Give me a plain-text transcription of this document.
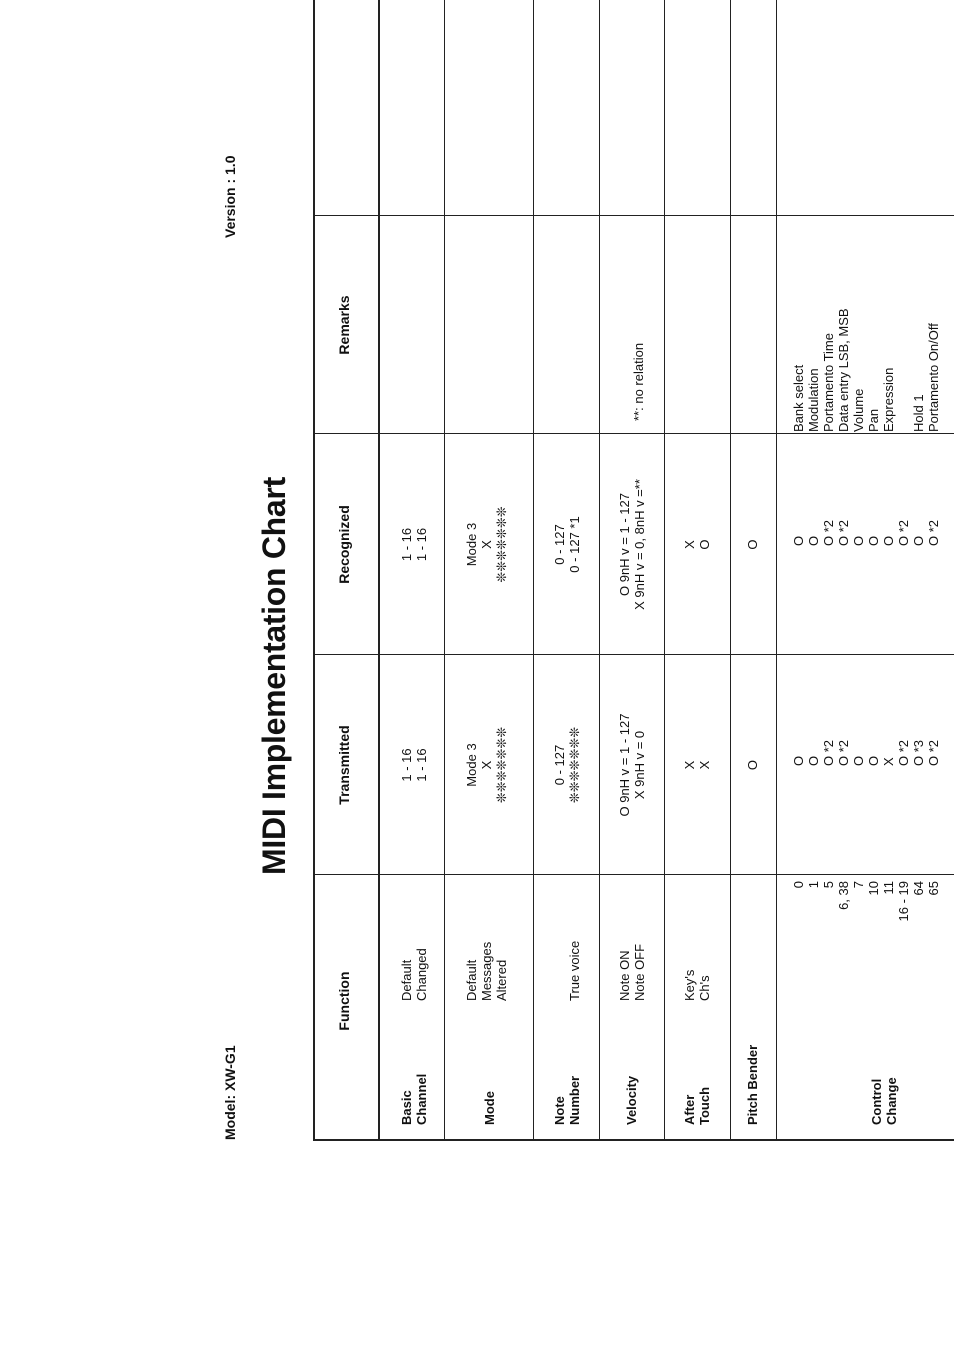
Model: XW-G1
Version : 1.0
MIDI Implementation Chart
Function
Transmitted
Recognized
Remarks
Basic
Channel
Default
Changed
1 - 16
1 - 16
1 - 16
1 - 16
Mode
Default
Messages
Altered
Mode 3
X
❊❊❊❊❊❊❊
Mode 3
X
❊❊❊❊❊❊❊
Note
Number
True voice
0 - 127
❊❊❊❊❊❊❊
0 - 127
0 - 127 *1
Velocity
Note ON
Note OFF
O 9nH v = 1 - 127
X 9nH v = 0
O 9nH v = 1 - 127
X 9nH v = 0, 8nH v =**
**: no relation
After
Touch
Key's
Ch's
X
X
X
O
Pitch Bender
O
O
Control
Change
0
1
5
6, 38
7
10
11
16 - 19
64
65
O
O
O *2
O *2
O
O
X
O *2
O *3
O *2
O
O
O *2
O *2
O
O
O
O *2
O
O *2
Bank select
Modulation
Portamento Time
Data entry LSB, MSB
Volume
Pan
Expression

Hold 1
Portamento On/Off
